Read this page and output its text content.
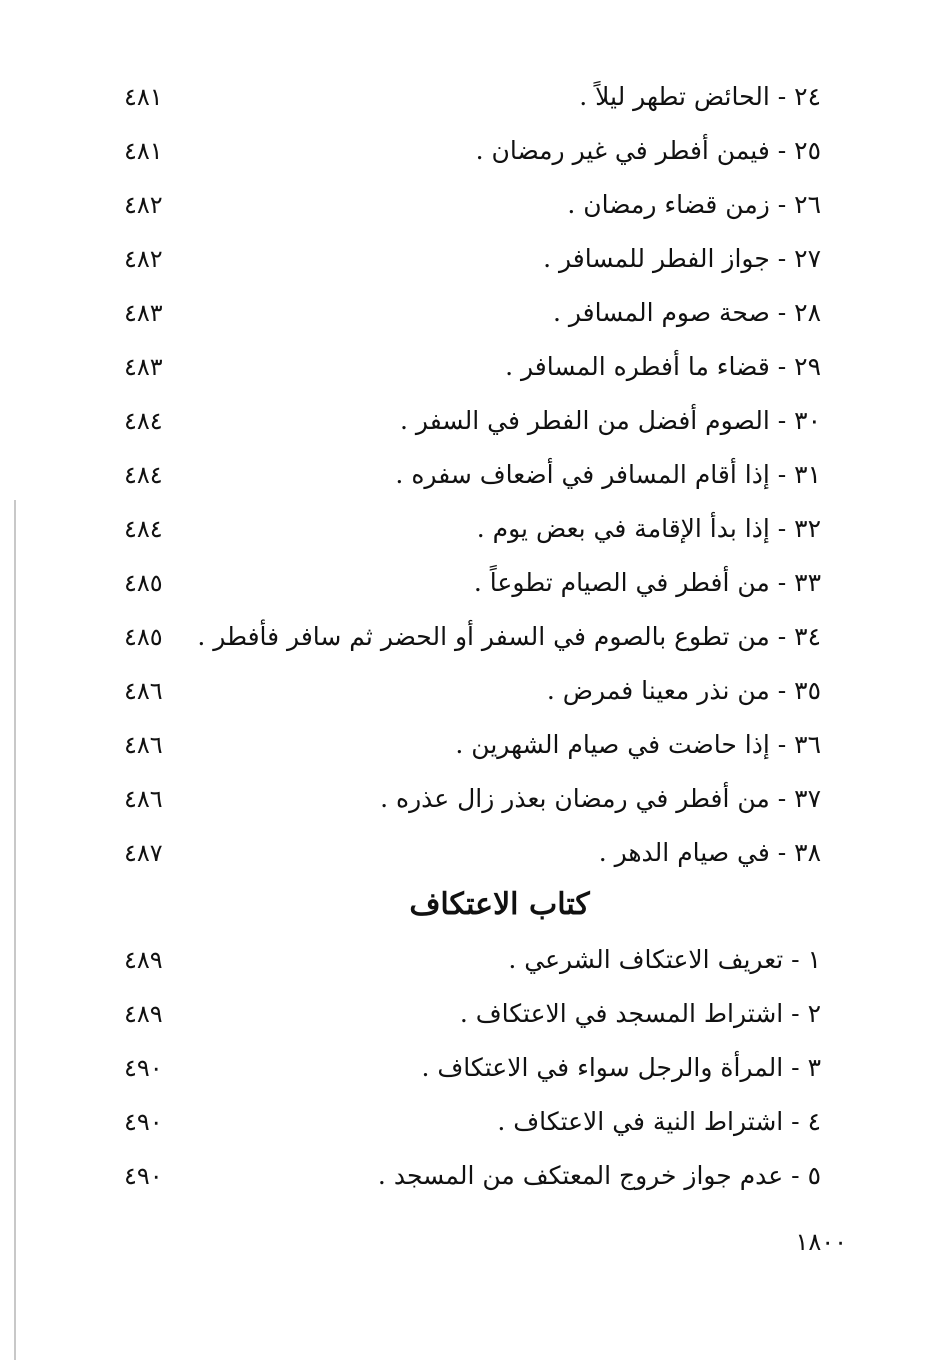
٢٤ - الحائض تطهر ليلاً .
٤٨١
٢٥ - فيمن أفطر في غير رمضان .
٤٨١
٢٦ - زمن قضاء رمضان .
٤٨٢
٢٧ - جواز الفطر للمسافر .
٤٨٢
٢٨ - صحة صوم المسافر .
٤٨٣
٢٩ - قضاء ما أفطره المسافر .
٤٨٣
٣٠ - الصوم أفضل من الفطر في السفر .
٤٨٤
٣١ - إذا أقام المسافر في أضعاف سفره .
٤٨٤
٣٢ - إذا بدأ الإقامة في بعض يوم .
٤٨٤
٣٣ - من أفطر في الصيام تطوعاً .
٤٨٥
٣٤ - من تطوع بالصوم في السفر أو الحضر ثم سافر فأفطر .
٤٨٥
٣٥ - من نذر معينا فمرض .
٤٨٦
٣٦ - إذا حاضت في صيام الشهرين .
٤٨٦
٣٧ - من أفطر في رمضان بعذر زال عذره .
٤٨٦
٣٨ - في صيام الدهر .
٤٨٧
كتاب الاعتكاف
١ - تعريف الاعتكاف الشرعي .
٤٨٩
٢ - اشتراط المسجد في الاعتكاف .
٤٨٩
٣ - المرأة والرجل سواء في الاعتكاف .
٤٩٠
٤ - اشتراط النية في الاعتكاف .
٤٩٠
٥ - عدم جواز خروج المعتكف من المسجد .
٤٩٠
١٨٠٠
